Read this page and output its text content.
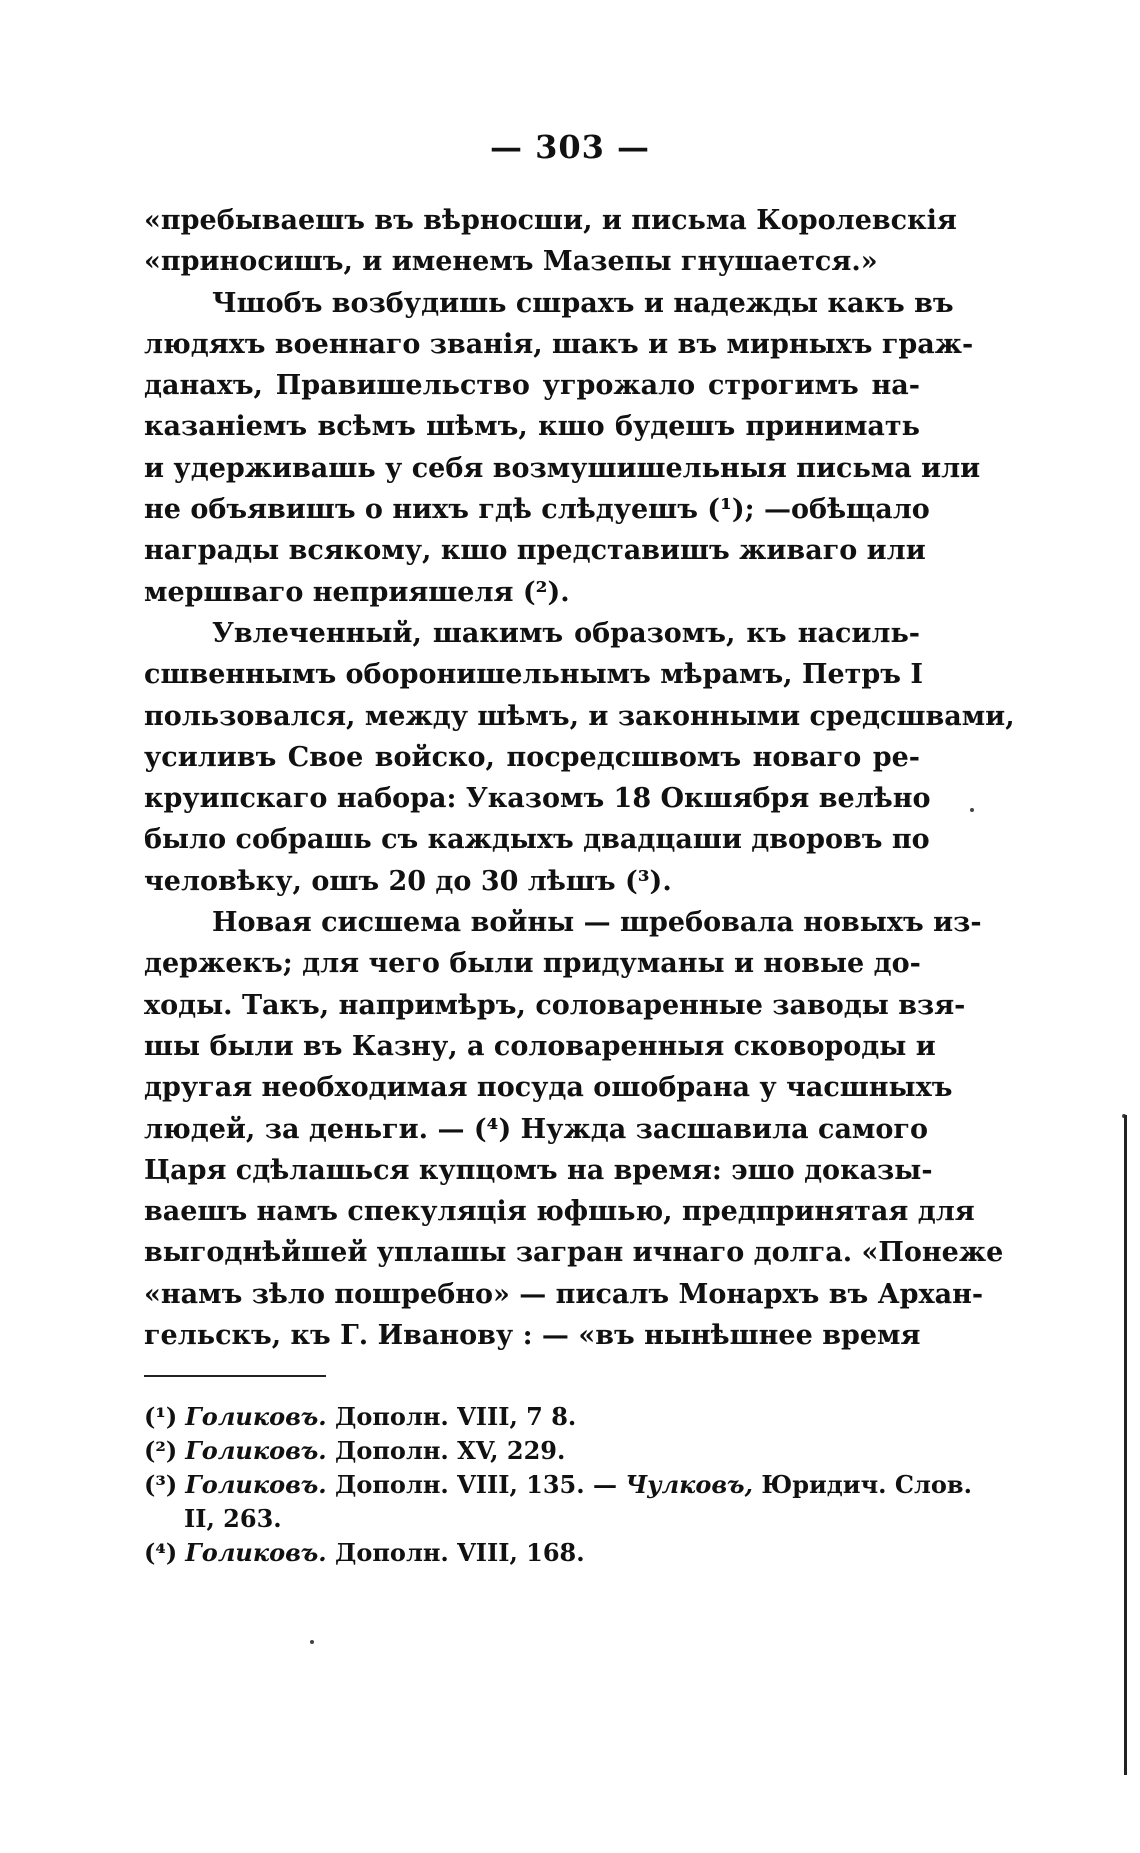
— 303 —
«пребываешъ въ вѣрносши, и письма Королевскія
«приносишъ, и именемъ Мазепы гнушается.»
Чшобъ возбудишь сшрахъ и надежды какъ въ
людяхъ военнаго званія, шакъ и въ мирныхъ граж-
данахъ, Правишельство угрожало строгимъ на-
казаніемъ всѣмъ шѣмъ, кшо будешъ принимать
и удерживашь у себя возмушишельныя письма или
не объявишъ о нихъ гдѣ слѣдуешъ (¹); —обѣщало
награды всякому, кшо представишъ живаго или
мершваго неприяшеля (²).
Увлеченный, шакимъ образомъ, къ насиль-
сшвеннымъ оборонишельнымъ мѣрамъ, Петръ I
пользовался, между шѣмъ, и законными средсшвами,
усиливъ Свое войско, посредсшвомъ новаго ре-
круипскаго набора: Указомъ 18 Окшября велѣно
было собрашь съ каждыхъ двадцаши дворовъ по
человѣку, ошъ 20 до 30 лѣшъ (³).
Новая сисшема войны — шребовала новыхъ из-
держекъ; для чего были придуманы и новые до-
ходы. Такъ, напримѣръ, соловаренные заводы взя-
шы были въ Казну, а соловаренныя сковороды и
другая необходимая посуда ошобрана у часшныхъ
людей, за деньги. — (⁴) Нужда засшавила самого
Царя сдѣлашься купцомъ на время: эшо доказы-
ваешъ намъ спекуляція юфшью, предпринятая для
выгоднѣйшей уплашы загран ичнаго долга. «Понеже
«намъ зѣло пошребно» — писалъ Монархъ въ Архан-
гельскъ, къ Г. Иванову : — «въ нынѣшнее время
(¹) Голиковъ. Дополн. VIII, 7 8.
(²) Голиковъ. Дополн. XV, 229.
(³) Голиковъ. Дополн. VIII, 135. — Чулковъ, Юридич. Слов.
II, 263.
(⁴) Голиковъ. Дополн. VIII, 168.
